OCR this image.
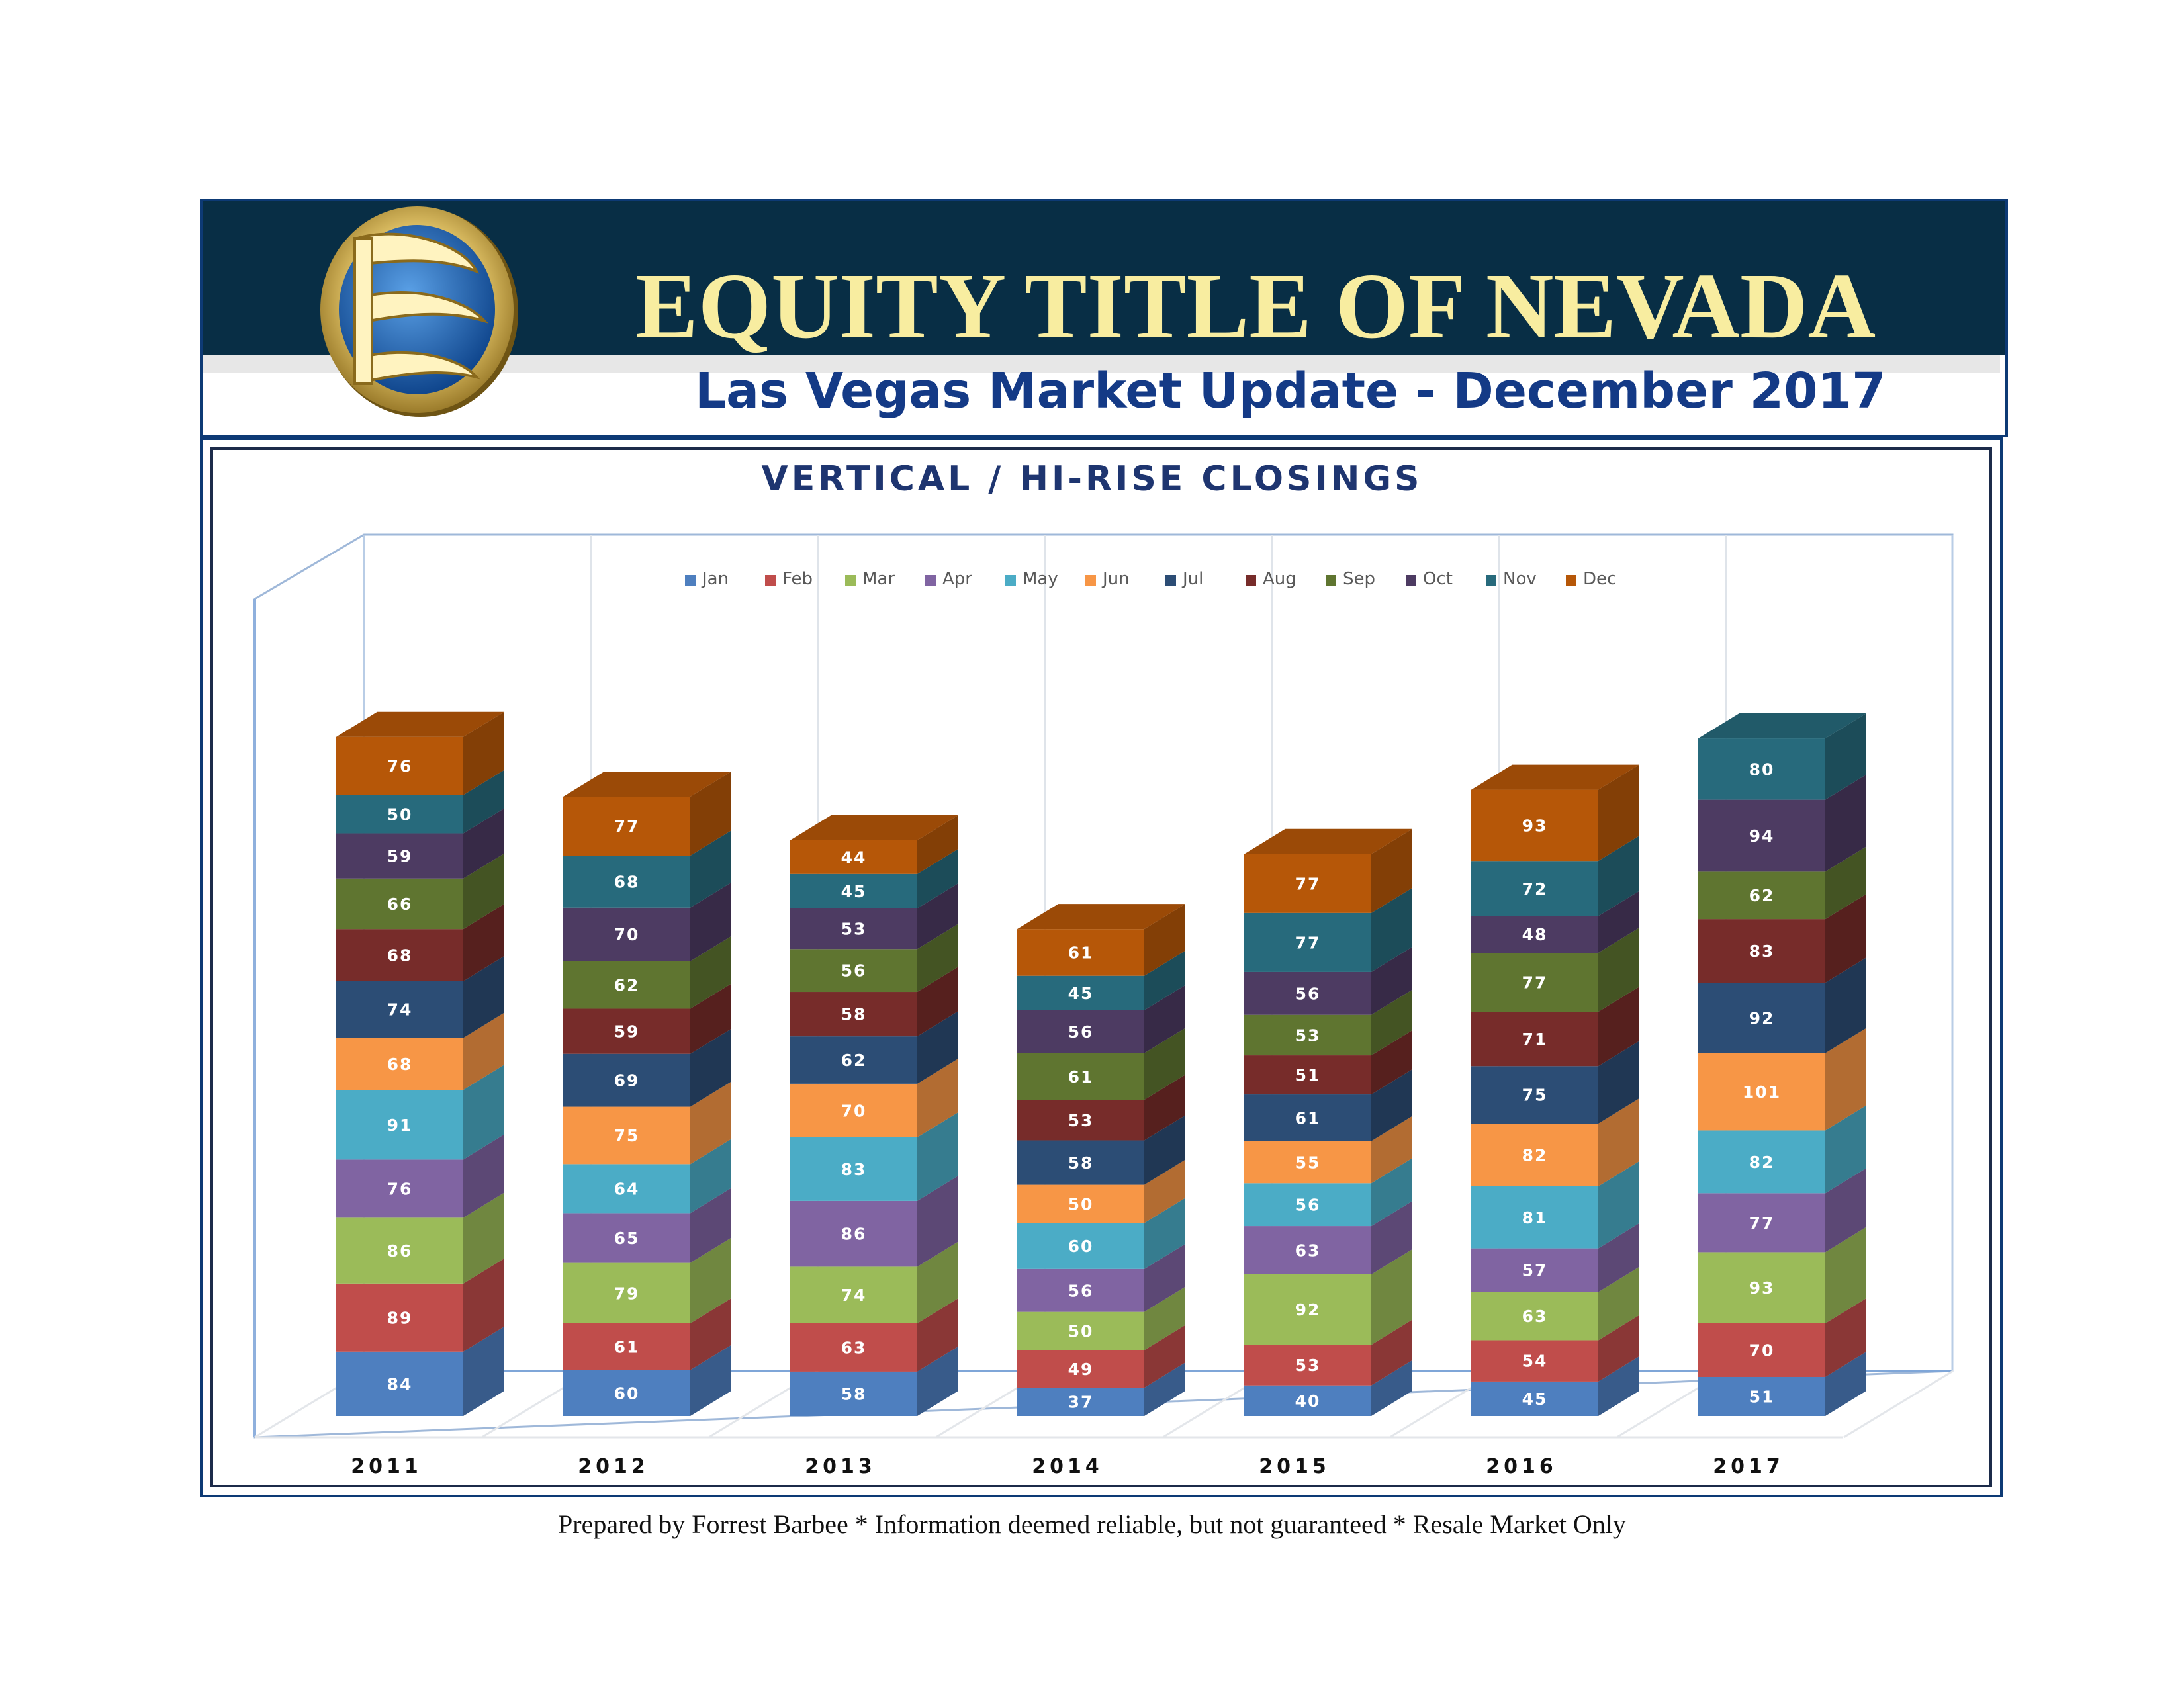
EQUITY TITLE OF NEVADA
Las Vegas Market Update - December 2017
VERTICAL / HI-RISE CLOSINGS
Jan	Feb	Mar	Apr	May	Jun	Jul	Aug	Sep	Oct	Nov	Dec
84
89
86
76
91
68
74
68
66
59
50
76
2011
60
61
79
65
64
75
69
59
62
70
68
77
2012
58
63
74
86
83
70
62
58
56
53
45
44
2013
37
49
50
56
60
50
58
53
61
56
45
61
2014
40
53
92
63
56
55
61
51
53
56
77
77
2015
45
54
63
57
81
82
75
71
77
48
72
93
2016
51
70
93
77
82
101
92
83
62
94
80
2017
Prepared by Forrest Barbee * Information deemed reliable, but not guaranteed * Resale Market Only
